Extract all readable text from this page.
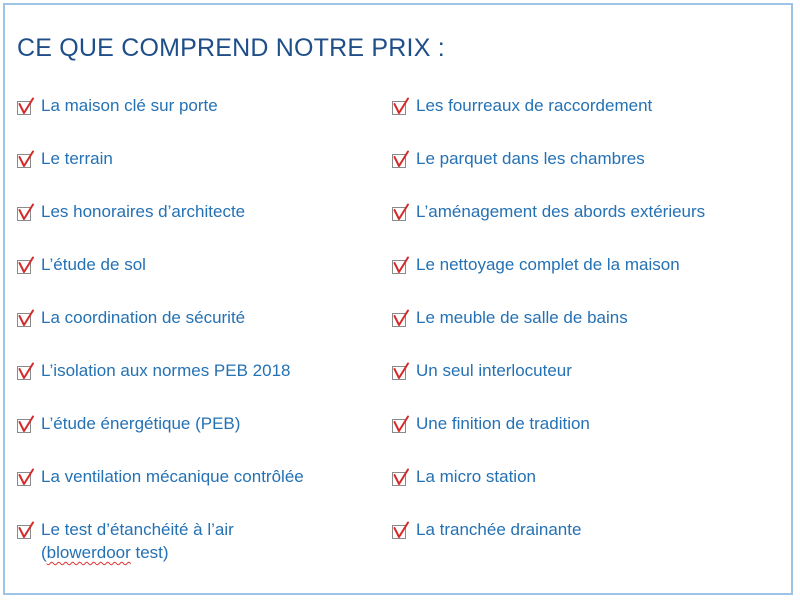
CE QUE COMPREND NOTRE PRIX :
La maison clé sur porte
Le terrain
Les honoraires d’architecte
L’étude de sol
La coordination de sécurité
L’isolation aux normes PEB 2018
L’étude énergétique (PEB)
La ventilation mécanique contrôlée
Le test d’étanchéité à l’air
(blowerdoor test)
Les fourreaux de raccordement
Le parquet dans les chambres
L’aménagement des abords extérieurs
Le nettoyage complet de la maison
Le meuble de salle de bains
Un seul interlocuteur
Une finition de tradition
La micro station
La tranchée drainante
